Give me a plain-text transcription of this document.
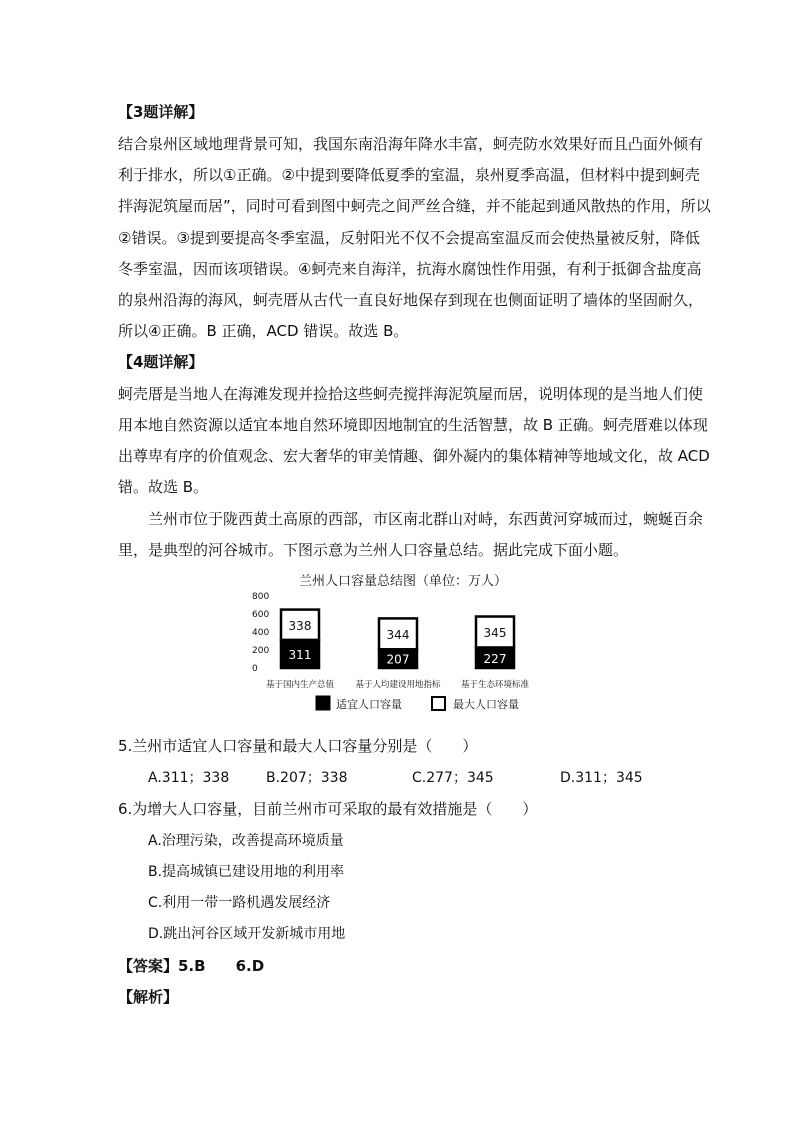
【3题详解】
结合泉州区域地理背景可知，我国东南沿海年降水丰富，蚵壳防水效果好而且凸面外倾有
利于排水，所以①正确。②中提到要降低夏季的室温，泉州夏季高温，但材料中提到蚵壳
拌海泥筑屋而居”，同时可看到图中蚵壳之间严丝合缝，并不能起到通风散热的作用，所以
②错误。③提到要提高冬季室温，反射阳光不仅不会提高室温反而会使热量被反射，降低
冬季室温，因而该项错误。④蚵壳来自海洋，抗海水腐蚀性作用强，有利于抵御含盐度高
的泉州沿海的海风，蚵壳厝从古代一直良好地保存到现在也侧面证明了墙体的坚固耐久，
所以④正确。B 正确，ACD 错误。故选 B。
【4题详解】
蚵壳厝是当地人在海滩发现并捡拾这些蚵壳搅拌海泥筑屋而居，说明体现的是当地人们使
用本地自然资源以适宜本地自然环境即因地制宜的生活智慧，故 B 正确。蚵壳厝难以体现
出尊卑有序的价值观念、宏大奢华的审美情趣、御外凝内的集体精神等地域文化，故 ACD
错。故选 B。
兰州市位于陇西黄土高原的西部，市区南北群山对峙，东西黄河穿城而过，蜿蜒百余
里，是典型的河谷城市。下图示意为兰州人口容量总结。据此完成下面小题。
兰州人口容量总结图（单位：万人）
800
600
400
200
0
338
311
基于国内生产总值
344
207
基于人均建设用地指标
345
227
基于生态环境标准
适宜人口容量	最大人口容量
5.兰州市适宜人口容量和最大人口容量分别是（　　）
A.311；338	B.207；338	C.277；345	D.311；345
6.为增大人口容量，目前兰州市可采取的最有效措施是（　　）
A.治理污染，改善提高环境质量
B.提高城镇已建设用地的利用率
C.利用一带一路机遇发展经济
D.跳出河谷区域开发新城市用地
【答案】5.B　　6.D
【解析】
